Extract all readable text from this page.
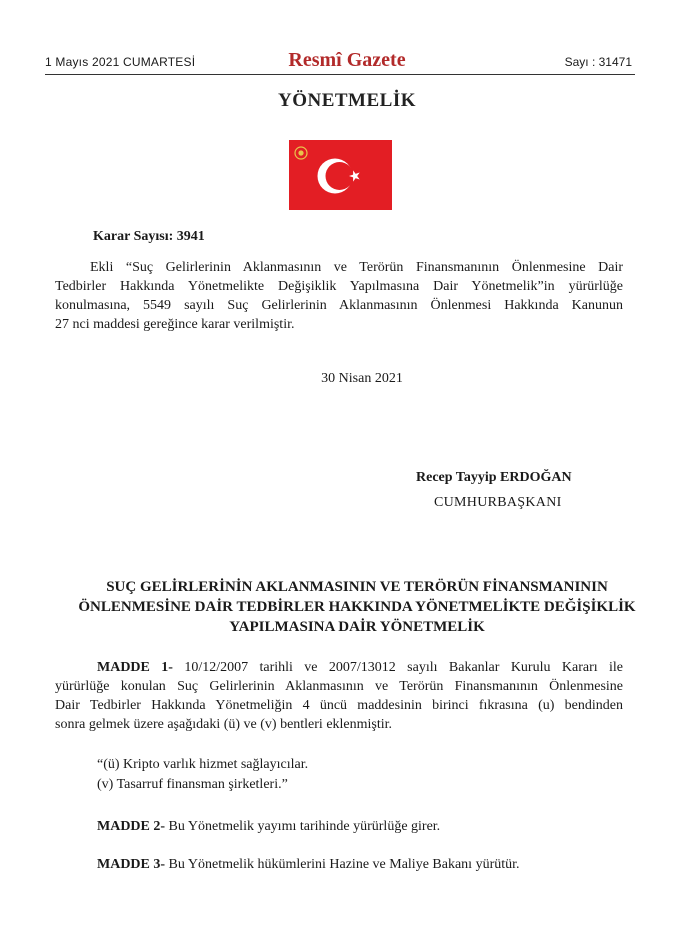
1 Mayıs 2021 CUMARTESİ	Resmî Gazete	Sayı : 31471
YÖNETMELİK
Karar Sayısı: 3941
Ekli “Suç Gelirlerinin Aklanmasının ve Terörün Finansmanının Önlenmesine Dair
Tedbirler Hakkında Yönetmelikte Değişiklik Yapılmasına Dair Yönetmelik”in yürürlüğe
konulmasına, 5549 sayılı Suç Gelirlerinin Aklanmasının Önlenmesi Hakkında Kanunun
27 nci maddesi gereğince karar verilmiştir.
30 Nisan 2021
Recep Tayyip ERDOĞAN
CUMHURBAŞKANI
SUÇ GELİRLERİNİN AKLANMASININ VE TERÖRÜN FİNANSMANININ
ÖNLENMESİNE DAİR TEDBİRLER HAKKINDA YÖNETMELİKTE DEĞİŞİKLİK
YAPILMASINA DAİR YÖNETMELİK
MADDE 1- 10/12/2007 tarihli ve 2007/13012 sayılı Bakanlar Kurulu Kararı ile
yürürlüğe konulan Suç Gelirlerinin Aklanmasının ve Terörün Finansmanının Önlenmesine
Dair Tedbirler Hakkında Yönetmeliğin 4 üncü maddesinin birinci fıkrasına (u) bendinden
sonra gelmek üzere aşağıdaki (ü) ve (v) bentleri eklenmiştir.
“(ü) Kripto varlık hizmet sağlayıcılar.
(v) Tasarruf finansman şirketleri.”
MADDE 2- Bu Yönetmelik yayımı tarihinde yürürlüğe girer.
MADDE 3- Bu Yönetmelik hükümlerini Hazine ve Maliye Bakanı yürütür.
